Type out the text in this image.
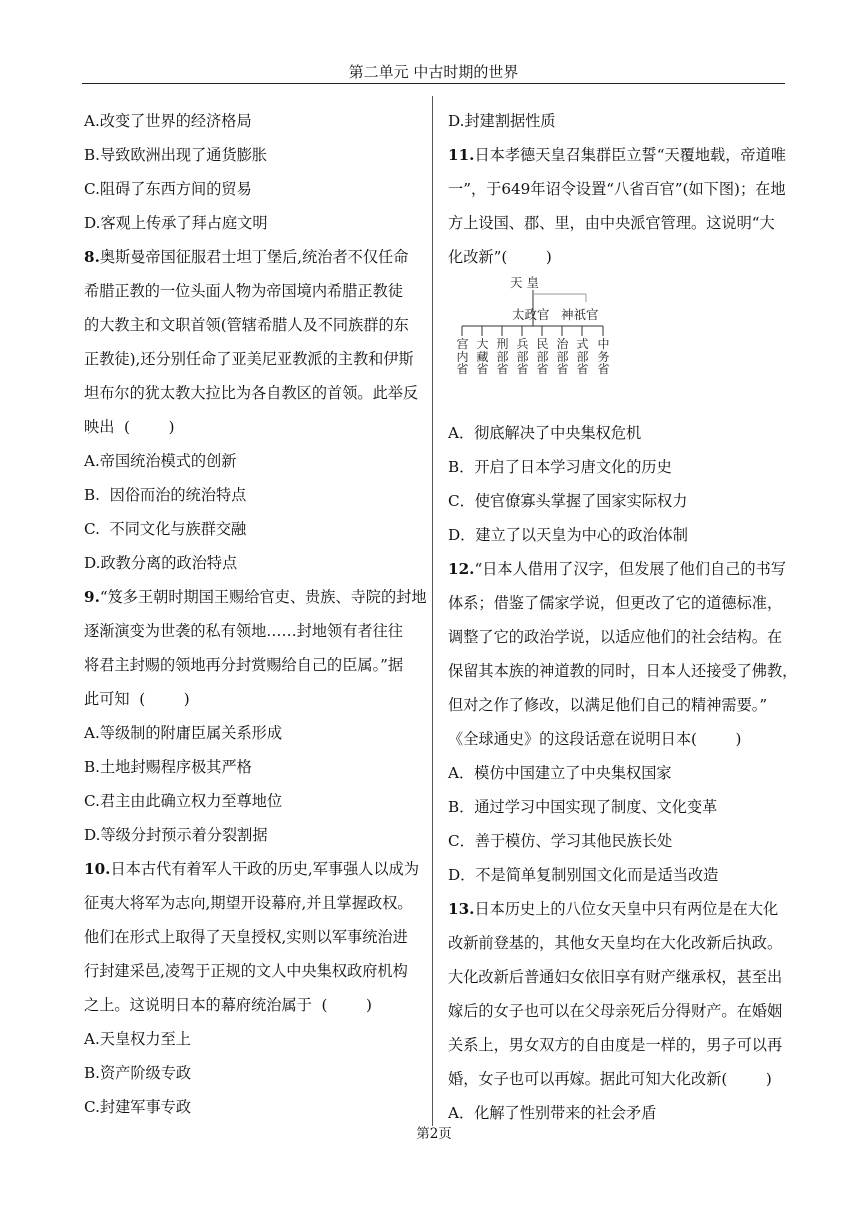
第二单元 中古时期的世界
A.改变了世界的经济格局
B.导致欧洲出现了通货膨胀
C.阻碍了东西方间的贸易
D.客观上传承了拜占庭文明
8.奥斯曼帝国征服君士坦丁堡后,统治者不仅任命
希腊正教的一位头面人物为帝国境内希腊正教徒
的大教主和文职首领(管辖希腊人及不同族群的东
正教徒),还分别任命了亚美尼亚教派的主教和伊斯
坦布尔的犹太教大拉比为各自教区的首领。此举反
映出  (        )
A.帝国统治模式的创新
B.  因俗而治的统治特点
C.  不同文化与族群交融
D.政教分离的政治特点
9.“笈多王朝时期国王赐给官吏、贵族、寺院的封地
逐渐演变为世袭的私有领地……封地领有者往往
将君主封赐的领地再分封赏赐给自己的臣属。”据
此可知  (        )
A.等级制的附庸臣属关系形成
B.土地封赐程序极其严格
C.君主由此确立权力至尊地位
D.等级分封预示着分裂割据
10.日本古代有着军人干政的历史,军事强人以成为
征夷大将军为志向,期望开设幕府,并且掌握政权。
他们在形式上取得了天皇授权,实则以军事统治进
行封建采邑,凌驾于正规的文人中央集权政府机构
之上。这说明日本的幕府统治属于  (        )
A.天皇权力至上
B.资产阶级专政
C.封建军事专政
D.封建割据性质
11.日本孝德天皇召集群臣立誓“天覆地载，帝道唯
一”，于649年诏令设置“八省百官”(如下图)；在地
方上设国、郡、里，由中央派官管理。这说明“大
化改新”(        )
天 皇
太政官 神祇官
宫
内
省
大
藏
省
刑
部
省
兵
部
省
民
部
省
治
部
省
式
部
省
中
务
省
A．彻底解决了中央集权危机
B．开启了日本学习唐文化的历史
C．使官僚寡头掌握了国家实际权力
D．建立了以天皇为中心的政治体制
12.“日本人借用了汉字，但发展了他们自己的书写
体系；借鉴了儒家学说，但更改了它的道德标准，
调整了它的政治学说，以适应他们的社会结构。在
保留其本族的神道教的同时，日本人还接受了佛教，
但对之作了修改，以满足他们自己的精神需要。”
《全球通史》的这段话意在说明日本(        )
A．模仿中国建立了中央集权国家
B．通过学习中国实现了制度、文化变革
C．善于模仿、学习其他民族长处
D．不是简单复制别国文化而是适当改造
13.日本历史上的八位女天皇中只有两位是在大化
改新前登基的，其他女天皇均在大化改新后执政。
大化改新后普通妇女依旧享有财产继承权，甚至出
嫁后的女子也可以在父母亲死后分得财产。在婚姻
关系上，男女双方的自由度是一样的，男子可以再
婚，女子也可以再嫁。据此可知大化改新(        )
A．化解了性别带来的社会矛盾
第2页
